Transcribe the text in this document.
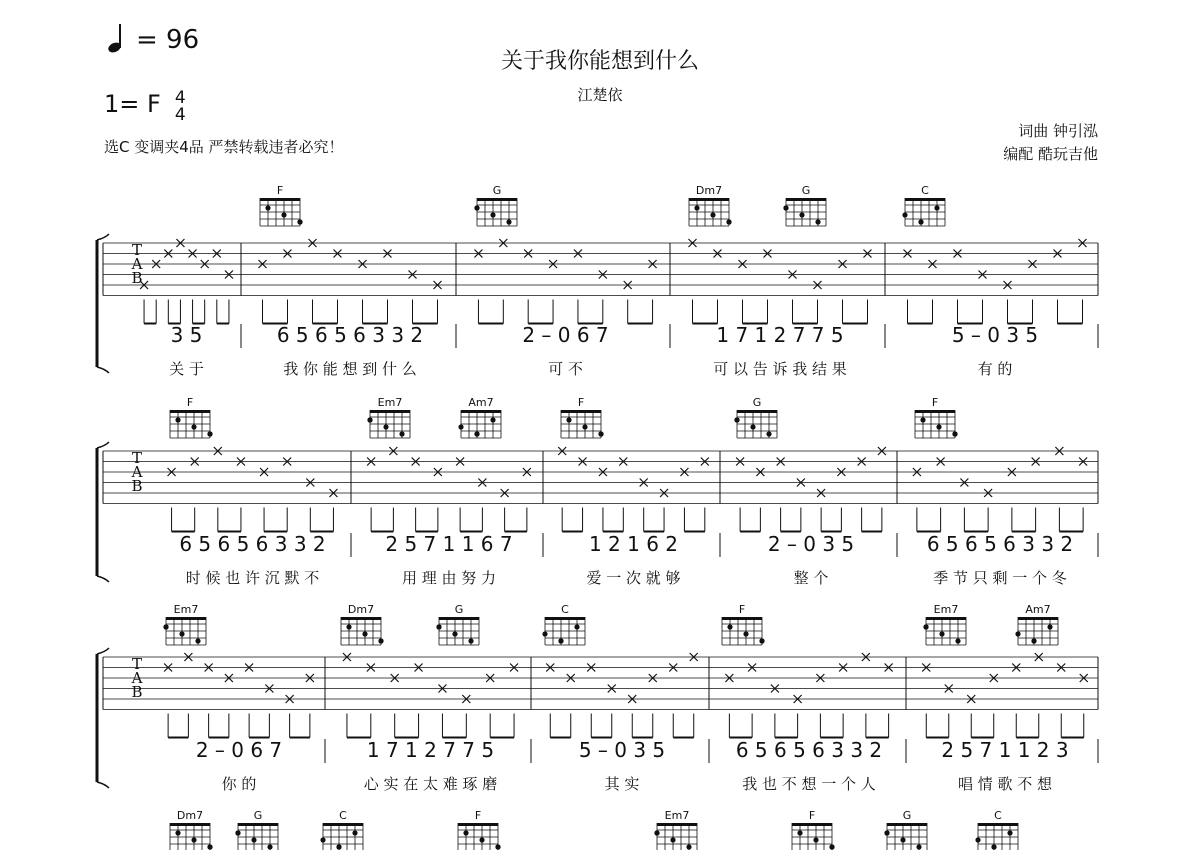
= 96
1= F 4
4
关于我你能想到什么
江楚依
选C 变调夹4品 严禁转载违者必究！
词曲 钟引泓
编配 酷玩吉他
F	G	Dm7	G	C
T
A
B
3 5
关 于
6 5 6 5 6 3 3 2
我 你 能 想 到 什 么
2 – 0 6 7
可 不
1 7 1 2 7 7 5
可 以 告 诉 我 结 果
5 – 0 3 5
有 的
F	Em7	Am7	F	G	F
T
A
B
6 5 6 5 6 3 3 2
时 候 也 许 沉 默 不
2 5 7 1 1 6 7
用 理 由 努 力
1 2 1 6 2
爱 一 次 就 够
2 – 0 3 5
整 个
6 5 6 5 6 3 3 2
季 节 只 剩 一 个 冬
Em7	Dm7	G	C	F	Em7	Am7
T
A
B
2 – 0 6 7
你 的
1 7 1 2 7 7 5
心 实 在 太 难 琢 磨
5 – 0 3 5
其 实
6 5 6 5 6 3 3 2
我 也 不 想 一 个 人
2 5 7 1 1 2 3
唱 情 歌 不 想
Dm7	G	C	F	Em7	F	G	C
